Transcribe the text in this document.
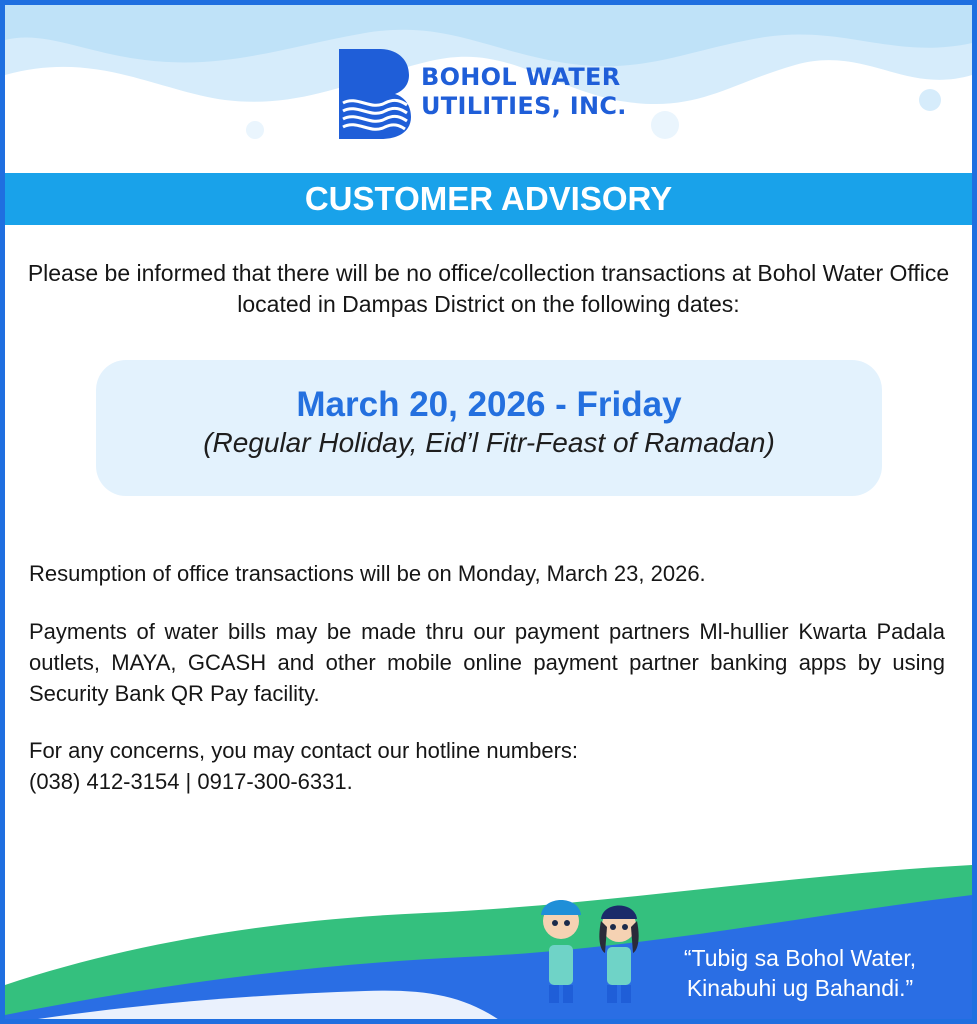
BOHOL WATER
UTILITIES, INC.
CUSTOMER ADVISORY
Please be informed that there will be no office/collection transactions at Bohol Water Office located in Dampas District on the following dates:
March 20, 2026 - Friday
(Regular Holiday, Eid’l Fitr-Feast of Ramadan)
Resumption of office transactions will be on Monday, March 23, 2026.
Payments of water bills may be made thru our payment partners Ml-hullier Kwarta Padala outlets, MAYA, GCASH and other mobile online payment partner banking apps by using Security Bank QR Pay facility.
For any concerns, you may contact our hotline numbers:
(038) 412-3154 | 0917-300-6331.
“Tubig sa Bohol Water,
Kinabuhi ug Bahandi.”
